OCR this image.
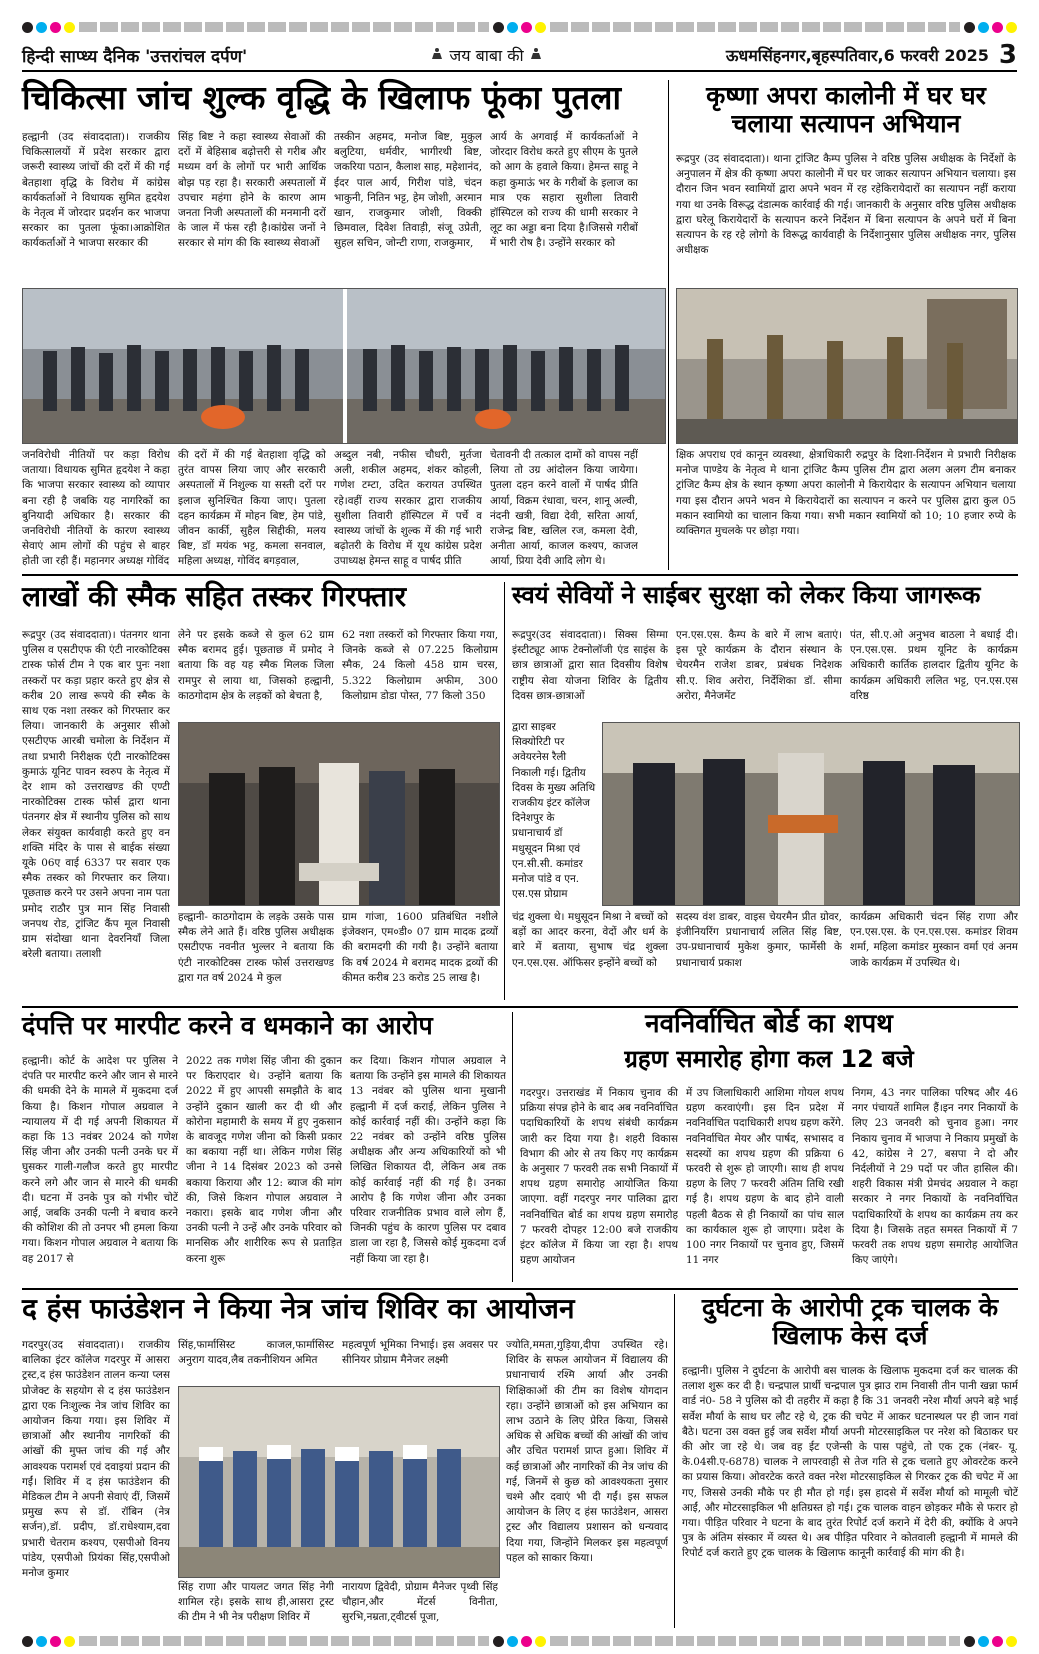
हिन्दी साप्ध्य दैनिक 'उत्तरांचल दर्पण'	जय बाबा की	ऊधमसिंहनगर,बृहस्पतिवार,6 फरवरी 2025 3
चिकित्सा जांच शुल्क वृद्धि के खिलाफ फूंका पुतला
हल्द्वानी (उद संवाददाता)। राजकीय चिकित्सालयों में प्रदेश सरकार द्वारा जरूरी स्वास्थ्य जांचों की दरों में की गई बेतहाशा वृद्धि के विरोध में कांग्रेस कार्यकर्ताओं ने विधायक सुमित हृदयेश के नेतृत्व में जोरदार प्रदर्शन कर भाजपा सरकार का पुतला फूंका।आक्रोशित कार्यकर्ताओं ने भाजपा सरकार की
सिंह बिष्ट ने कहा स्वास्थ्य सेवाओं की दरों में बेहिसाब बढ़ोत्तरी से गरीब और मध्यम वर्ग के लोगों पर भारी आर्थिक बोझ पड़ रहा है। सरकारी अस्पतालों में उपचार महंगा होने के कारण आम जनता निजी अस्पतालों की मनमानी दरों के जाल में फंस रही है।कांग्रेस जनों ने सरकार से मांग की कि स्वास्थ्य सेवाओं
तस्कीन अहमद, मनोज बिष्ट, मुकुल बलुटिया, धर्मवीर, भागीरथी बिष्ट, जकरिया पठान, कैलाश साह, महेशानंद, ईदर पाल आर्य, गिरीश पांडे, चंदन भाकुनी, नितिन भट्ट, हेम जोशी, अरमान खान, राजकुमार जोशी, विक्की छिमवाल, दिवेश तिवाड़ी, संजू उप्रेती, सुहल सचिन, जोन्टी राणा, राजकुमार,
आर्य के अगवाई में कार्यकर्ताओं ने जोरदार विरोध करते हुए सीएम के पुतले को आग के हवाले किया। हेमन्त साहू ने कहा कुमाऊं भर के गरीबों के इलाज का मात्र एक सहारा सुशीला तिवारी हॉस्पिटल को राज्य की धामी सरकार ने लूट का अड्डा बना दिया है।जिससे गरीबों में भारी रोष है। उन्होंने सरकार को
जनविरोधी नीतियों पर कड़ा विरोध जताया। विधायक सुमित हृदयेश ने कहा कि भाजपा सरकार स्वास्थ्य को व्यापार बना रही है जबकि यह नागरिकों का बुनियादी अधिकार है। सरकार की जनविरोधी नीतियों के कारण स्वास्थ्य सेवाएं आम लोगों की पहुंच से बाहर होती जा रही हैं। महानगर अध्यक्ष गोविंद
की दरों में की गई बेतहाशा वृद्धि को तुरंत वापस लिया जाए और सरकारी अस्पतालों में निशुल्क या सस्ती दरों पर इलाज सुनिश्चित किया जाए। पुतला दहन कार्यक्रम में मोहन बिष्ट, हेम पांडे, जीवन कार्की, सुहैल सिद्दीकी, मलय बिष्ट, डॉ मयंक भट्ट, कमला सनवाल, महिला अध्यक्ष, गोविंद बगड़वाल,
अब्दुल नबी, नफीस चौधरी, मुर्तजा अली, शकील अहमद, शंकर कोहली, गणेश टम्टा, उदित करायत उपस्थित रहे।वहीं राज्य सरकार द्वारा राजकीय सुशीला तिवारी हॉस्पिटल में पर्चे व स्वास्थ्य जांचों के शुल्क में की गई भारी बढ़ोतरी के विरोध में यूथ कांग्रेस प्रदेश उपाध्यक्ष हेमन्त साहू व पार्षद प्रीति
चेतावनी दी तत्काल दामों को वापस नहीं लिया तो उग्र आंदोलन किया जायेगा। पुतला दहन करने वालों में पार्षद प्रीति आर्या, विक्रम रंधावा, चरन, शानू अल्वी, नंदनी खत्री, विद्या देवी, सरिता आर्या, राजेन्द्र बिष्ट, खलिल रज, कमला देवी, अनीता आर्या, काजल कश्यप, काजल आर्या, प्रिया देवी आदि लोग थे।
कृष्णा अपरा कालोनी में घर घर चलाया सत्यापन अभियान
रूद्रपुर (उद संवाददाता)। थाना ट्रांजिट कैम्प पुलिस ने वरिष्ठ पुलिस अधीक्षक के निर्देशों के अनुपालन में क्षेत्र की कृष्णा अपरा कालोनी में घर घर जाकर सत्यापन अभियान चलाया। इस दौरान जिन भवन स्वामियों द्वारा अपने भवन में रह रहेकिरायेदारों का सत्यापन नहीं कराया गया था उनके विरूद्ध दंडात्मक कार्रवाई की गई। जानकारी के अनुसार वरिष्ठ पुलिस अधीक्षक द्वारा घरेलू किरायेदारों के सत्यापन करने निर्देशन में बिना सत्यापन के अपने घरों में बिना सत्यापन के रह रहे लोगो के विरूद्ध कार्यवाही के निर्देशानुसार पुलिस अधीक्षक नगर, पुलिस अधीक्षक
क्षिक अपराध एवं कानून व्यवस्था, क्षेत्राधिकारी रुद्रपुर के दिशा-निर्देशन मे प्रभारी निरीक्षक मनोज पाण्डेय के नेतृत्व मे थाना ट्रांजिट कैम्प पुलिस टीम द्वारा अलग अलग टीम बनाकर ट्रांजिट कैम्प क्षेत्र के स्थान कृष्णा अपरा कालोनी मे किरायेदार के सत्यापन अभियान चलाया गया इस दौरान अपने भवन मे किरायेदारों का सत्यापन न करने पर पुलिस द्वारा कुल 05 मकान स्वामियो का चालान किया गया। सभी मकान स्वामियों को 10; 10 हजार रुप्ये के व्यक्तिगत मुचलके पर छोड़ा गया।
लाखों की स्मैक सहित तस्कर गिरफ्तार
रूद्रपुर (उद संवाददाता)। पंतनगर थाना पुलिस व एसटीएफ की एंटी नारकोटिक्स टास्क फोर्स टीम ने एक बार पुनः नशा तस्करों पर कड़ा प्रहार करते हुए क्षेत्र से करीब 20 लाख रूपये की स्मैक के साथ एक नशा तस्कर को गिरफ्तार कर लिया। जानकारी के अनुसार सीओ एसटीएफ आरबी चमोला के निर्देशन में तथा प्रभारी निरीक्षक एंटी नारकोटिक्स कुमाऊं यूनिट पावन स्वरुप के नेतृत्व में देर शाम को उत्तराखण्ड की एण्टी नारकोटिक्स टास्क फोर्स द्वारा थाना पंतनगर क्षेत्र में स्थानीय पुलिस को साथ लेकर संयुक्त कार्यवाही करते हुए वन शक्ति मंदिर के पास से बाईक संख्या यूके 06ए वाई 6337 पर सवार एक स्मैक तस्कर को गिरफ्तार कर लिया। पूछताछ करने पर उसने अपना नाम पता प्रमोद राठौर पुत्र मान सिंह निवासी जनपथ रोड, ट्रांजिट कैंप मूल निवासी ग्राम संदोखा थाना देवरनियाँ जिला बरेली बताया। तलाशी
लेने पर इसके कब्जे से कुल 62 ग्राम स्मैक बरामद हुई। पूछताछ में प्रमोद ने बताया कि वह यह स्मैक मिलक जिला रामपुर से लाया था, जिसको हल्द्वानी, काठगोदाम क्षेत्र के लड़कों को बेचता है,
62 नशा तस्करों को गिरफ्तार किया गया, जिनके कब्जे से 07.225 किलोग्राम स्मैक, 24 किलो 458 ग्राम चरस, 5.322 किलोग्राम अफीम, 300 किलोग्राम डोडा पोस्त, 77 किलो 350
हल्द्वानी- काठगोदाम के लड़के उसके पास स्मैक लेने आते हैं। वरिष्ठ पुलिस अधीक्षक एसटीएफ नवनीत भुल्लर ने बताया कि एंटी नारकोटिक्स टास्क फोर्स उत्तराखण्ड द्वारा गत वर्ष 2024 मे कुल
ग्राम गांजा, 1600 प्रतिबंधित नशीले इंजेक्शन, एम०डी० 07 ग्राम मादक द्रव्यों की बरामदगी की गयी है। उन्होंने बताया कि वर्ष 2024 मे बरामद मादक द्रव्यों की कीमत करीब 23 करोड 25 लाख है।
स्वयं सेवियों ने साईबर सुरक्षा को लेकर किया जागरूक
रूद्रपुर(उद संवाददाता)। सिक्स सिग्मा इंस्टीट्यूट आफ टेक्नोलॉजी एंड साइंस के छात्र छात्राओं द्वारा सात दिवसीय विशेष राष्ट्रीय सेवा योजना शिविर के द्वितीय दिवस छात्र-छात्राओं
एन.एस.एस. कैम्प के बारे में लाभ बताएं। इस पूरे कार्यक्रम के दौरान संस्थान के चेयरमैन राजेश डाबर, प्रबंधक निदेशक सी.ए. शिव अरोरा, निर्देशिका डॉ. सीमा अरोरा, मैनेजमेंट
पंत, सी.ए.ओ अनुभव बाठला ने बधाई दी। एन.एस.एस. प्रथम यूनिट के कार्यक्रम अधिकारी कार्तिक हालदार द्वितीय यूनिट के कार्यक्रम अधिकारी ललित भट्ट, एन.एस.एस वरिष्ठ
द्वारा साइबर सिक्योरिटी पर अवेयरनेस रैली निकाली गई। द्वितीय दिवस के मुख्य अतिथि राजकीय इंटर कॉलेज दिनेशपुर के प्रधानाचार्य डॉ मधुसूदन मिश्रा एवं एन.सी.सी. कमांडर मनोज पांडे व एन. एस.एस प्रोग्राम
चंद्र शुक्ला थे। मधुसूदन मिश्रा ने बच्चों को बड़ों का आदर करना, वेदों और धर्म के बारे में बताया, सुभाष चंद्र शुक्ला एन.एस.एस. ऑफिसर इन्होंने बच्चों को
सदस्य वंश डाबर, वाइस चेयरमैन प्रीत ग्रोवर, इंजीनियरिंग प्रधानाचार्य ललित सिंह बिष्ट, उप-प्रधानाचार्य मुकेश कुमार, फार्मेसी के प्रधानाचार्य प्रकाश
कार्यक्रम अधिकारी चंदन सिंह राणा और एन.एस.एस. के एन.एस.एस. कमांडर शिवम शर्मा, महिला कमांडर मुस्कान वर्मा एवं अनम जाके कार्यक्रम में उपस्थित थे।
दंपत्ति पर मारपीट करने व धमकाने का आरोप
हल्द्वानी। कोर्ट के आदेश पर पुलिस ने दंपति पर मारपीट करने और जान से मारने की धमकी देने के मामले में मुकदमा दर्ज किया है। किशन गोपाल अग्रवाल ने न्यायालय में दी गई अपनी शिकायत में कहा कि 13 नवंबर 2024 को गणेश सिंह जीना और उनकी पत्नी उनके घर में घुसकर गाली-गलौज करते हुए मारपीट करने लगे और जान से मारने की धमकी दी। घटना में उनके पुत्र को गंभीर चोटें आई, जबकि उनकी पत्नी ने बचाव करने की कोशिश की तो उनपर भी हमला किया गया। किशन गोपाल अग्रवाल ने बताया कि वह 2017 से
2022 तक गणेश सिंह जीना की दुकान पर किराएदार थे। उन्होंने बताया कि 2022 में हुए आपसी समझौते के बाद उन्होंने दुकान खाली कर दी थी और कोरोना महामारी के समय में हुए नुकसान के बावजूद गणेश जीना को किसी प्रकार का बकाया नहीं था। लेकिन गणेश सिंह जीना ने 14 दिसंबर 2023 को उनसे बकाया किराया और 12: ब्याज की मांग की, जिसे किशन गोपाल अग्रवाल ने नकारा। इसके बाद गणेश जीना और उनकी पत्नी ने उन्हें और उनके परिवार को मानसिक और शारीरिक रूप से प्रताड़ित करना शुरू
कर दिया। किशन गोपाल अग्रवाल ने बताया कि उन्होंने इस मामले की शिकायत 13 नवंबर को पुलिस थाना मुखानी हल्द्वानी में दर्ज कराई, लेकिन पुलिस ने कोई कार्रवाई नहीं की। उन्होंने कहा कि 22 नवंबर को उन्होंने वरिष्ठ पुलिस अधीक्षक और अन्य अधिकारियों को भी लिखित शिकायत दी, लेकिन अब तक कोई कार्रवाई नहीं की गई है। उनका आरोप है कि गणेश जीना और उनका परिवार राजनीतिक प्रभाव वाले लोग हैं, जिनकी पहुंच के कारण पुलिस पर दबाव डाला जा रहा है, जिससे कोई मुकदमा दर्ज नहीं किया जा रहा है।
नवनिर्वाचित बोर्ड का शपथ
ग्रहण समारोह होगा कल 12 बजे
गदरपुर। उत्तराखंड में निकाय चुनाव की प्रक्रिया संपन्न होने के बाद अब नवनिर्वाचित पदाधिकारियों के शपथ संबंधी कार्यक्रम जारी कर दिया गया है। शहरी विकास विभाग की ओर से तय किए गए कार्यक्रम के अनुसार 7 फरवरी तक सभी निकायों में शपथ ग्रहण समारोह आयोजित किया जाएगा. वहीं गदरपुर नगर पालिका द्वारा नवनिर्वाचित बोर्ड का शपथ ग्रहण समारोह 7 फरवरी दोपहर 12:00 बजे राजकीय इंटर कॉलेज में किया जा रहा है। शपथ ग्रहण आयोजन
में उप जिलाधिकारी आशिमा गोयल शपथ ग्रहण करवाएंगी। इस दिन प्रदेश में नवनिर्वाचित पदाधिकारी शपथ ग्रहण करेंगे. नवनिर्वाचित मेयर और पार्षद, सभासद व सदस्यों का शपथ ग्रहण की प्रक्रिया 6 फरवरी से शुरू हो जाएगी। साथ ही शपथ ग्रहण के लिए 7 फरवरी अंतिम तिथि रखी गई है। शपथ ग्रहण के बाद होने वाली पहली बैठक से ही निकायों का पांच साल का कार्यकाल शुरू हो जाएगा। प्रदेश के 100 नगर निकायों पर चुनाव हुए, जिसमें 11 नगर
निगम, 43 नगर पालिका परिषद और 46 नगर पंचायतें शामिल हैं।इन नगर निकायों के लिए 23 जनवरी को चुनाव हुआ। नगर निकाय चुनाव में भाजपा ने निकाय प्रमुखों के 42, कांग्रेस ने 27, बसपा ने दो और निर्दलीयों ने 29 पदों पर जीत हासिल की। शहरी विकास मंत्री प्रेमचंद अग्रवाल ने कहा सरकार ने नगर निकायों के नवनिर्वाचित पदाधिकारियों के शपथ का कार्यक्रम तय कर दिया है। जिसके तहत समस्त निकायों में 7 फरवरी तक शपथ ग्रहण समारोह आयोजित किए जाएंगे।
द हंस फाउंडेशन ने किया नेत्र जांच शिविर का आयोजन
गदरपुर(उद संवाददाता)। राजकीय बालिका इंटर कॉलेज गदरपुर में आसरा ट्रस्ट,द हंस फाउंडेशन तालन कन्या प्लस प्रोजेक्ट के सहयोग से द हंस फाउंडेशन द्वारा एक निःशुल्क नेत्र जांच शिविर का आयोजन किया गया। इस शिविर में छात्राओं और स्थानीय नागरिकों की आंखों की मुफ्त जांच की गई और आवश्यक परामर्श एवं दवाइयां प्रदान की गईं। शिविर में द हंस फाउंडेशन की मेडिकल टीम ने अपनी सेवाएं दीं, जिसमें प्रमुख रूप से डॉ. रॉबिन (नेत्र सर्जन),डॉ. प्रदीप, डॉ.राधेश्याम,दवा प्रभारी चेतराम कश्यप, एसपीओ विनय पांडेय, एसपीओ प्रियंका सिंह,एसपीओ मनोज कुमार
सिंह,फार्मासिस्ट काजल,फार्मासिस्ट अनुराग यादव,लैब तकनीशियन अमित
महत्वपूर्ण भूमिका निभाई। इस अवसर पर सीनियर प्रोग्राम मैनेजर लक्ष्मी
सिंह राणा और पायलट जगत सिंह नेगी शामिल रहे। इसके साथ ही,आसरा ट्रस्ट की टीम ने भी नेत्र परीक्षण शिविर में
नारायण द्विवेदी, प्रोग्राम मैनेजर पृथ्वी सिंह चौहान,और मेंटर्स विनीता, सुरभि,नम्रता,ट्वीटर्स पूजा,
ज्योति,ममता,गुड़िया,दीपा उपस्थित रहे।शिविर के सफल आयोजन में विद्यालय की प्रधानाचार्य रश्मि आर्या और उनकी शिक्षिकाओं की टीम का विशेष योगदान रहा। उन्होंने छात्राओं को इस अभियान का लाभ उठाने के लिए प्रेरित किया, जिससे अधिक से अधिक बच्चों की आंखों की जांच और उचित परामर्श प्राप्त हुआ। शिविर में कई छात्राओं और नागरिकों की नेत्र जांच की गई, जिनमें से कुछ को आवश्यकता नुसार चश्मे और दवाएं भी दी गईं। इस सफल आयोजन के लिए द हंस फाउंडेशन, आसरा ट्रस्ट और विद्यालय प्रशासन को धन्यवाद दिया गया, जिन्होंने मिलकर इस महत्वपूर्ण पहल को साकार किया।
दुर्घटना के आरोपी ट्रक चालक के खिलाफ केस दर्ज
हल्द्वानी। पुलिस ने दुर्घटना के आरोपी बस चालक के खिलाफ मुकदमा दर्ज कर चालक की तलाश शुरू कर दी है। चन्द्रपाल प्रार्थी चन्द्रपाल पुत्र झाउ राम निवासी तीन पानी खन्ना फार्म वार्ड नं0- 58 ने पुलिस को दी तहरीर में कहा है कि 31 जनवरी नरेश मौर्या अपने बड़े भाई सर्वेश मौर्या के साथ घर लौट रहे थे, ट्रक की चपेट में आकर घटनास्थल पर ही जान गवां बैठे। घटना उस वक्त हुई जब सर्वेश मौर्या अपनी मोटरसाइकिल पर नरेश को बिठाकर घर की ओर जा रहे थे। जब वह ईट एजेन्सी के पास पहुंचे, तो एक ट्रक (नंबर- यू. के.04सी.ए-6878) चालक ने लापरवाही से तेज गति से ट्रक चलाते हुए ओवरटेक करने का प्रयास किया। ओवरटेक करते वक्त नरेश मोटरसाइकिल से गिरकर ट्रक की चपेट में आ गए, जिससे उनकी मौके पर ही मौत हो गई। इस हादसे में सर्वेश मौर्या को मामूली चोटें आईं, और मोटरसाइकिल भी क्षतिग्रस्त हो गई। ट्रक चालक वाहन छोड़कर मौके से फरार हो गया। पीड़ित परिवार ने घटना के बाद तुरंत रिपोर्ट दर्ज कराने में देरी की, क्योंकि वे अपने पुत्र के अंतिम संस्कार में व्यस्त थे। अब पीड़ित परिवार ने कोतवाली हल्द्वानी में मामले की रिपोर्ट दर्ज कराते हुए ट्रक चालक के खिलाफ कानूनी कार्रवाई की मांग की है।
